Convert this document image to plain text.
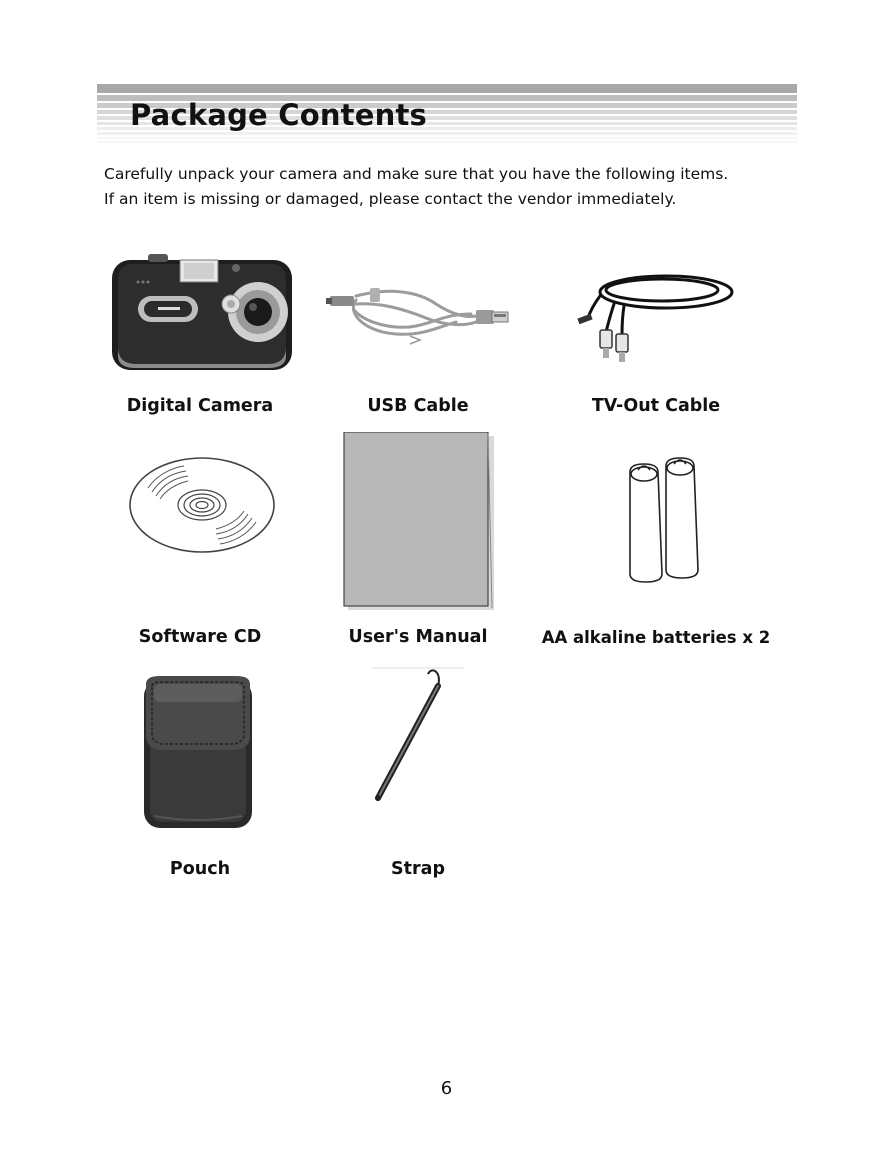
Package Contents

Carefully unpack your camera and make sure that you have the following items.
If an item is missing or damaged, please contact the vendor immediately.

Digital Camera	USB Cable	TV-Out Cable
Software CD	User's Manual	AA alkaline batteries x 2
Pouch	Strap
6
